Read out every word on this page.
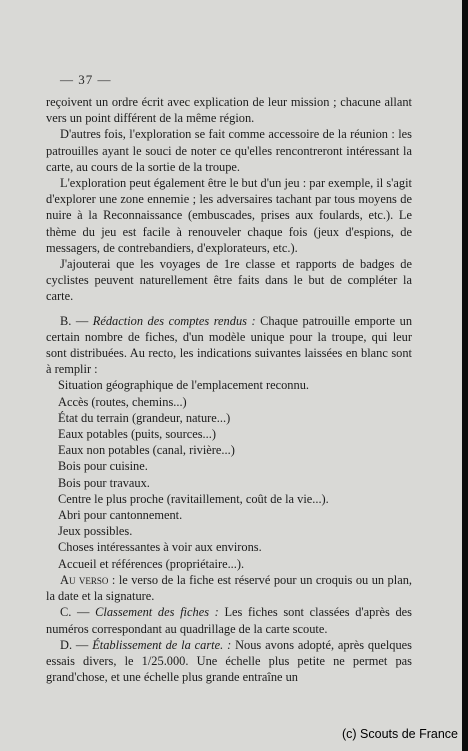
— 37 —

reçoivent un ordre écrit avec explication de leur mission ; chacune allant vers un point différent de la même région.

D'autres fois, l'exploration se fait comme accessoire de la réunion : les patrouilles ayant le souci de noter ce qu'elles rencontreront intéressant la carte, au cours de la sortie de la troupe.

L'exploration peut également être le but d'un jeu : par exemple, il s'agit d'explorer une zone ennemie ; les adversaires tachant par tous moyens de nuire à la Reconnaissance (embuscades, prises aux foulards, etc.). Le thème du jeu est facile à renouveler chaque fois (jeux d'espions, de messagers, de contrebandiers, d'explorateurs, etc.).

J'ajouterai que les voyages de 1re classe et rapports de badges de cyclistes peuvent naturellement être faits dans le but de compléter la carte.

B. — Rédaction des comptes rendus : Chaque patrouille emporte un certain nombre de fiches, d'un modèle unique pour la troupe, qui leur sont distribuées. Au recto, les indications suivantes laissées en blanc sont à remplir :

Situation géographique de l'emplacement reconnu.
Accès (routes, chemins...)
État du terrain (grandeur, nature...)
Eaux potables (puits, sources...)
Eaux non potables (canal, rivière...)
Bois pour cuisine.
Bois pour travaux.
Centre le plus proche (ravitaillement, coût de la vie...).
Abri pour cantonnement.
Jeux possibles.
Choses intéressantes à voir aux environs.
Accueil et références (propriétaire...).

Au verso : le verso de la fiche est réservé pour un croquis ou un plan, la date et la signature.

C. — Classement des fiches : Les fiches sont classées d'après des numéros correspondant au quadrillage de la carte scoute.

D. — Établissement de la carte. : Nous avons adopté, après quelques essais divers, le 1/25.000. Une échelle plus petite ne permet pas grand'chose, et une échelle plus grande entraîne un

(c) Scouts de France
